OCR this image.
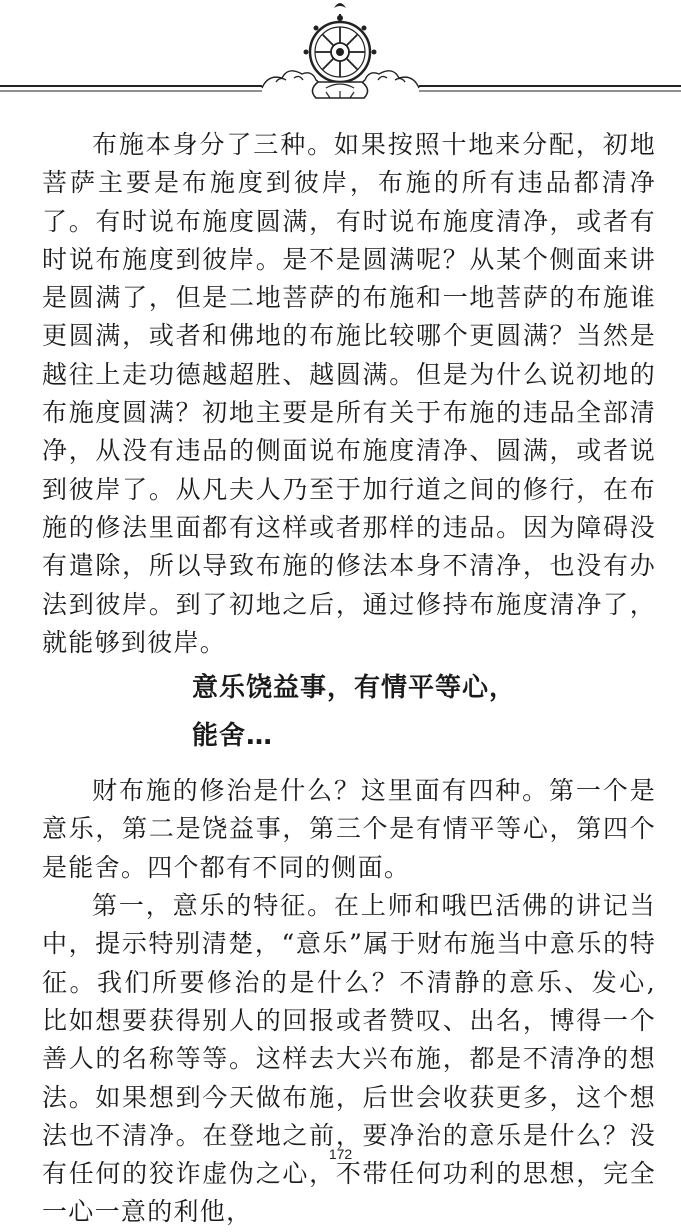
布施本身分了三种。如果按照十地来分配，初地菩萨主要是布施度到彼岸，布施的所有违品都清净了。有时说布施度圆满，有时说布施度清净，或者有时说布施度到彼岸。是不是圆满呢？从某个侧面来讲是圆满了，但是二地菩萨的布施和一地菩萨的布施谁更圆满，或者和佛地的布施比较哪个更圆满？当然是越往上走功德越超胜、越圆满。但是为什么说初地的布施度圆满？初地主要是所有关于布施的违品全部清净，从没有违品的侧面说布施度清净、圆满，或者说到彼岸了。从凡夫人乃至于加行道之间的修行，在布施的修法里面都有这样或者那样的违品。因为障碍没有遣除，所以导致布施的修法本身不清净，也没有办法到彼岸。到了初地之后，通过修持布施度清净了，就能够到彼岸。

意乐饶益事，有情平等心，

能舍…

财布施的修治是什么？这里面有四种。第一个是意乐，第二是饶益事，第三个是有情平等心，第四个是能舍。四个都有不同的侧面。

第一，意乐的特征。在上师和哦巴活佛的讲记当中，提示特别清楚，“意乐”属于财布施当中意乐的特征。我们所要修治的是什么？不清静的意乐、发心,比如想要获得别人的回报或者赞叹、出名，博得一个善人的名称等等。这样去大兴布施，都是不清净的想法。如果想到今天做布施，后世会收获更多，这个想法也不清净。在登地之前，要净治的意乐是什么？没有任何的狡诈虚伪之心，不带任何功利的思想，完全一心一意的利他，

172
